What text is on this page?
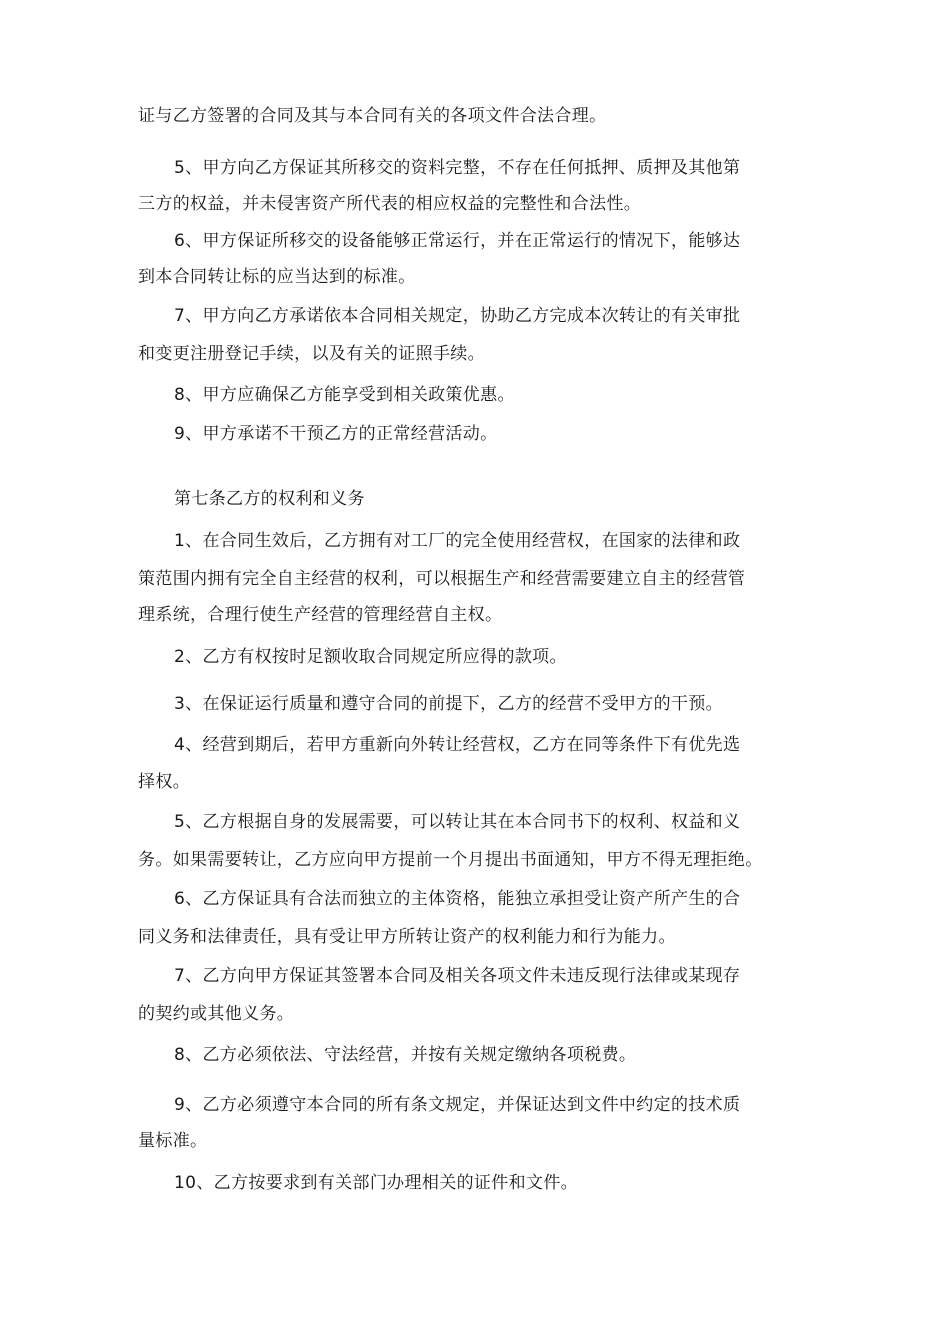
证与乙方签署的合同及其与本合同有关的各项文件合法合理。
5、甲方向乙方保证其所移交的资料完整，不存在任何抵押、质押及其他第
三方的权益，并未侵害资产所代表的相应权益的完整性和合法性。
6、甲方保证所移交的设备能够正常运行，并在正常运行的情况下，能够达
到本合同转让标的应当达到的标准。
7、甲方向乙方承诺依本合同相关规定，协助乙方完成本次转让的有关审批
和变更注册登记手续，以及有关的证照手续。
8、甲方应确保乙方能享受到相关政策优惠。
9、甲方承诺不干预乙方的正常经营活动。
第七条乙方的权利和义务
1、在合同生效后，乙方拥有对工厂的完全使用经营权，在国家的法律和政
策范围内拥有完全自主经营的权利，可以根据生产和经营需要建立自主的经营管
理系统，合理行使生产经营的管理经营自主权。
2、乙方有权按时足额收取合同规定所应得的款项。
3、在保证运行质量和遵守合同的前提下，乙方的经营不受甲方的干预。
4、经营到期后，若甲方重新向外转让经营权，乙方在同等条件下有优先选
择权。
5、乙方根据自身的发展需要，可以转让其在本合同书下的权利、权益和义
务。如果需要转让，乙方应向甲方提前一个月提出书面通知，甲方不得无理拒绝。
6、乙方保证具有合法而独立的主体资格，能独立承担受让资产所产生的合
同义务和法律责任，具有受让甲方所转让资产的权利能力和行为能力。
7、乙方向甲方保证其签署本合同及相关各项文件未违反现行法律或某现存
的契约或其他义务。
8、乙方必须依法、守法经营，并按有关规定缴纳各项税费。
9、乙方必须遵守本合同的所有条文规定，并保证达到文件中约定的技术质
量标准。
10、乙方按要求到有关部门办理相关的证件和文件。
